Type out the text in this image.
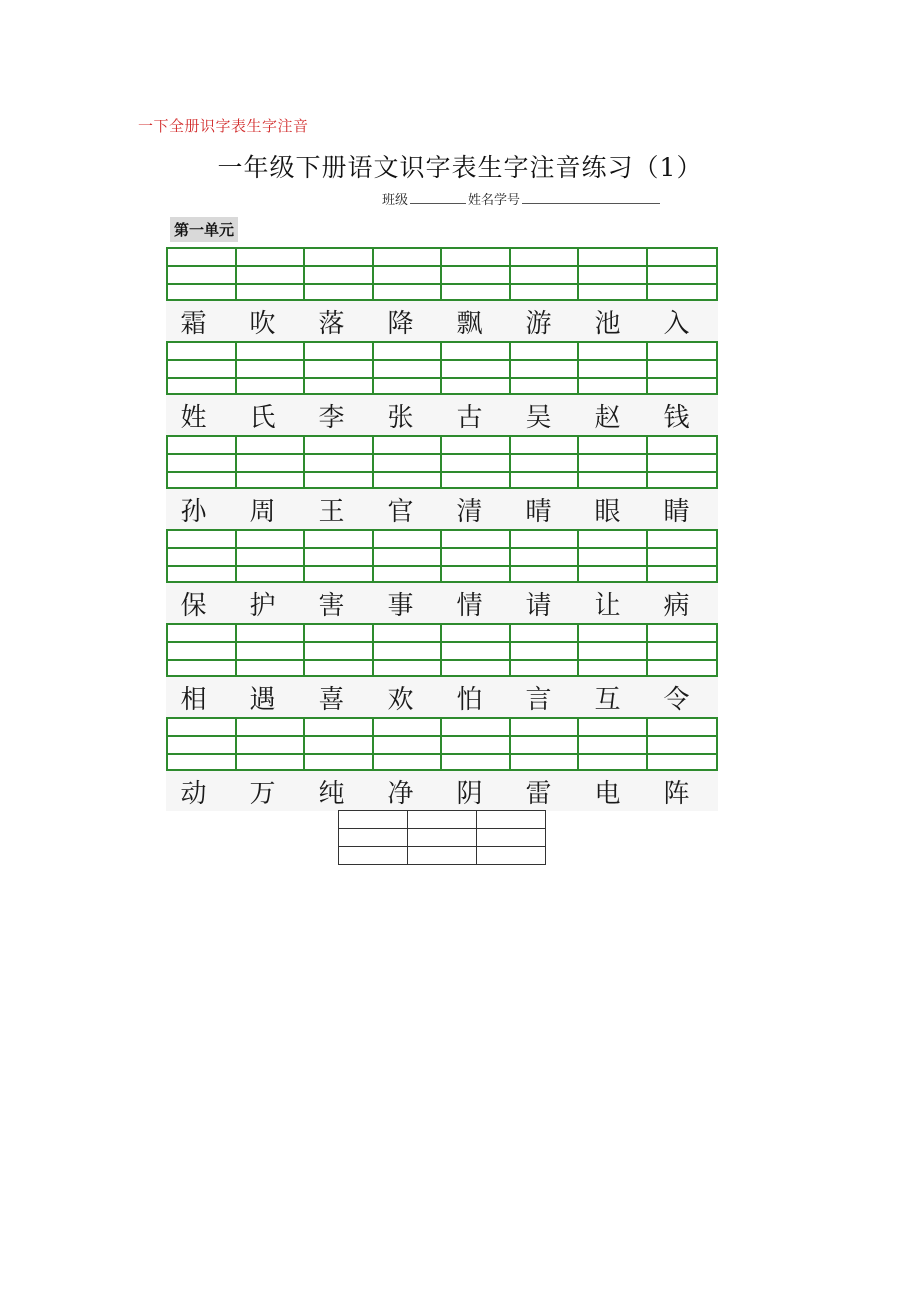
一下全册识字表生字注音
一年级下册语文识字表生字注音练习（1）
班级	姓名学号
第一单元
霜	吹	落	降	飘	游	池	入
姓	氏	李	张	古	吴	赵	钱
孙	周	王	官	清	晴	眼	睛
保	护	害	事	情	请	让	病
相	遇	喜	欢	怕	言	互	令
动	万	纯	净	阴	雷	电	阵
